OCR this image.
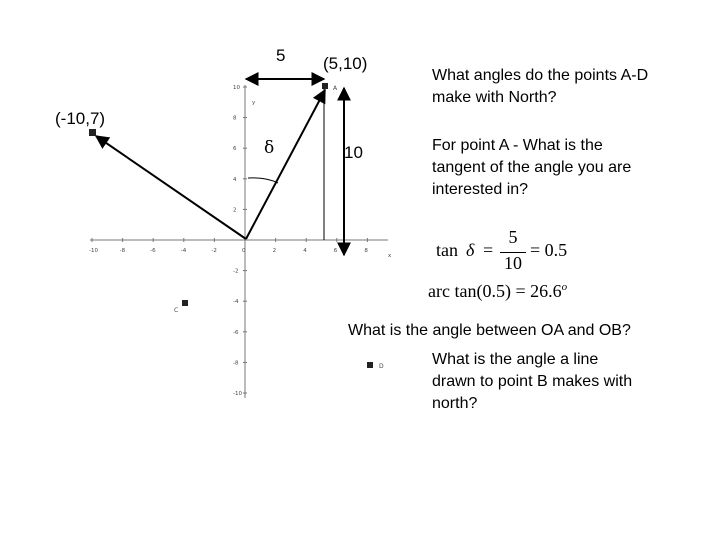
-10	-8	-6	-4	-2	0	2	4	6	8
10
8
6
4
2
-2
-4
-6
-8
-10
y
x
A
C
D
5 (5,10)
(-10,7)
δ	10
What angles do the points A-D make with North?
For point A - What is the tangent of the angle you are interested in?
What is the angle between OA and OB?
What is the angle a line drawn to point B makes with north?
tan δ =
5
10
= 0.5
arc $\tan(0.5) = 26.6^o$
